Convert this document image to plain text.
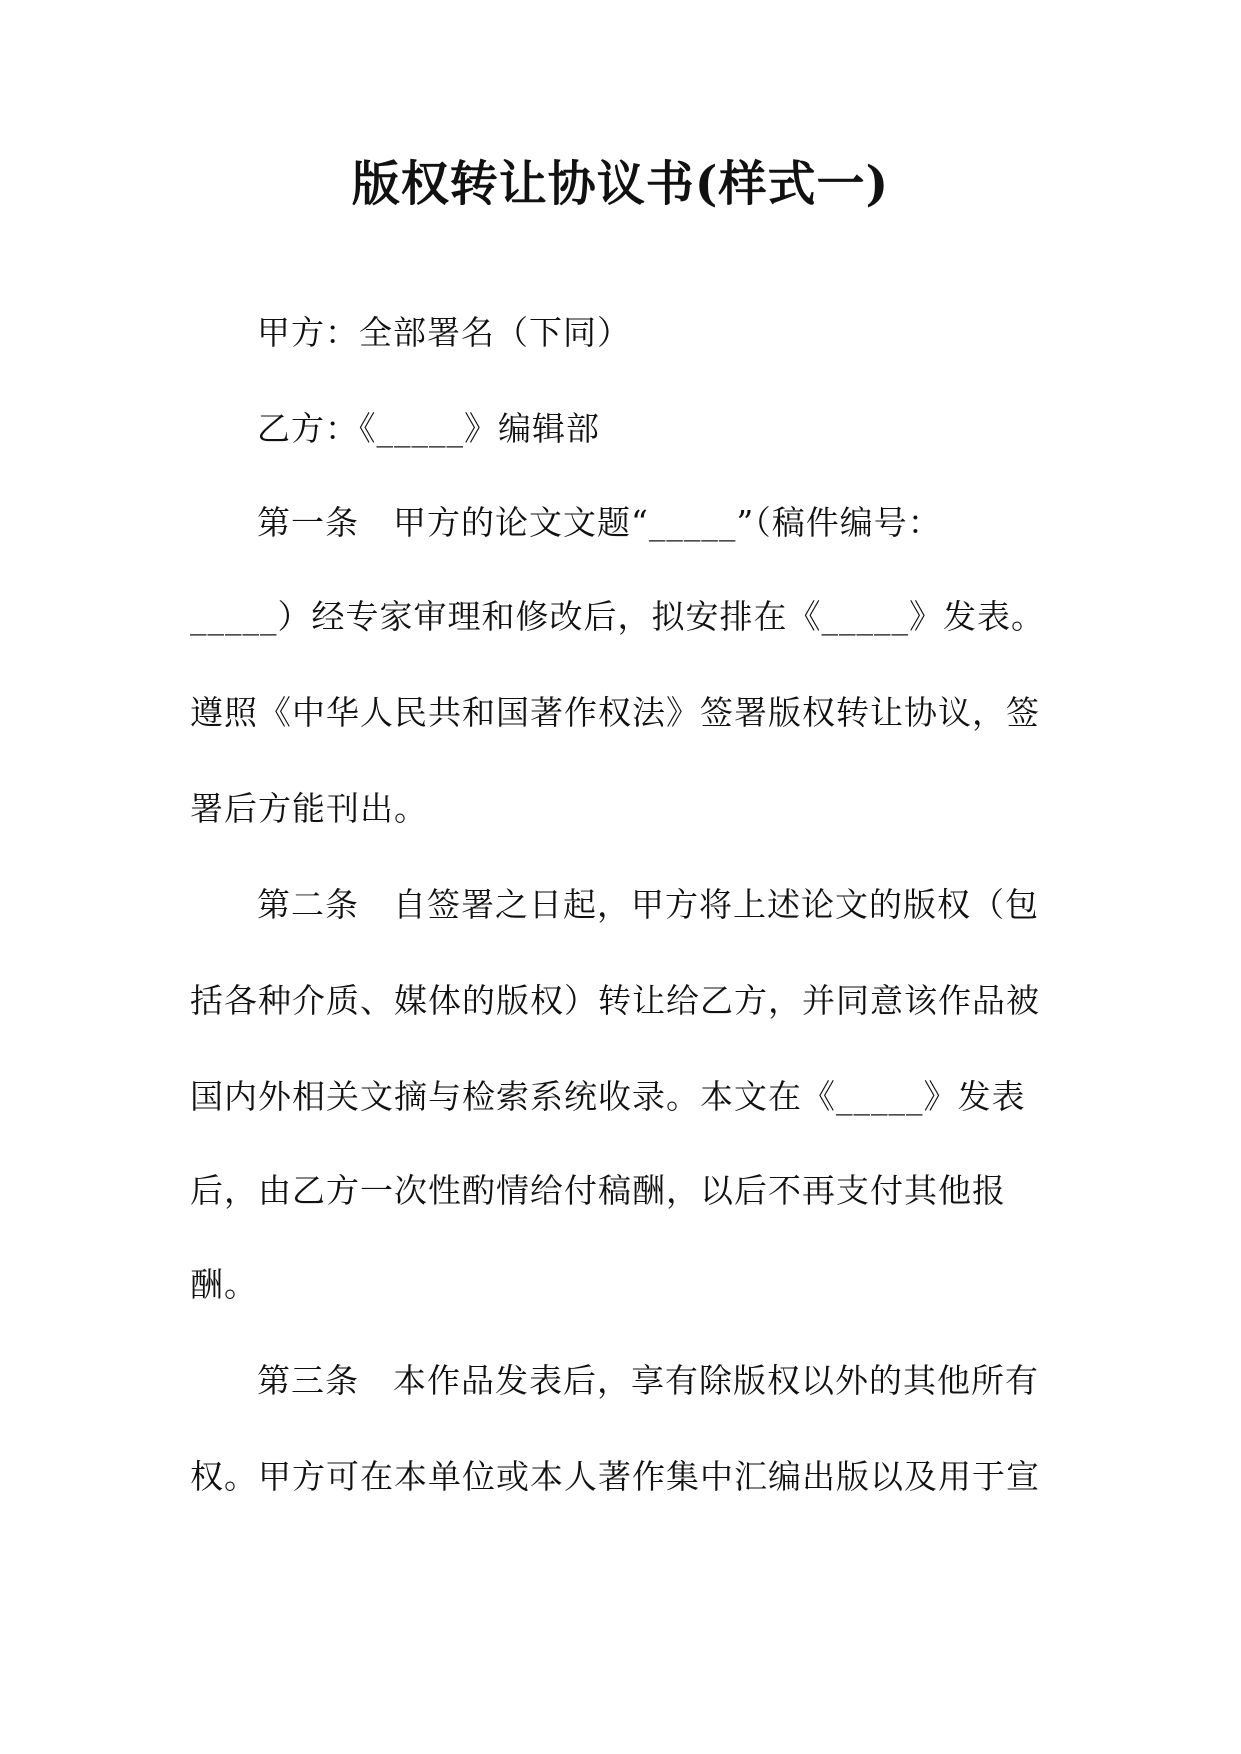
版权转让协议书(样式一)
甲方：全部署名（下同）
乙方：《_____》编辑部
第一条 甲方的论文文题“_____”（稿件编号：
_____）经专家审理和修改后，拟安排在《_____》发表。
遵照《中华人民共和国著作权法》签署版权转让协议，签
署后方能刊出。
第二条 自签署之日起，甲方将上述论文的版权（包
括各种介质、媒体的版权）转让给乙方，并同意该作品被
国内外相关文摘与检索系统收录。本文在《_____》发表
后，由乙方一次性酌情给付稿酬，以后不再支付其他报
酬。
第三条 本作品发表后，享有除版权以外的其他所有
权。甲方可在本单位或本人著作集中汇编出版以及用于宣
